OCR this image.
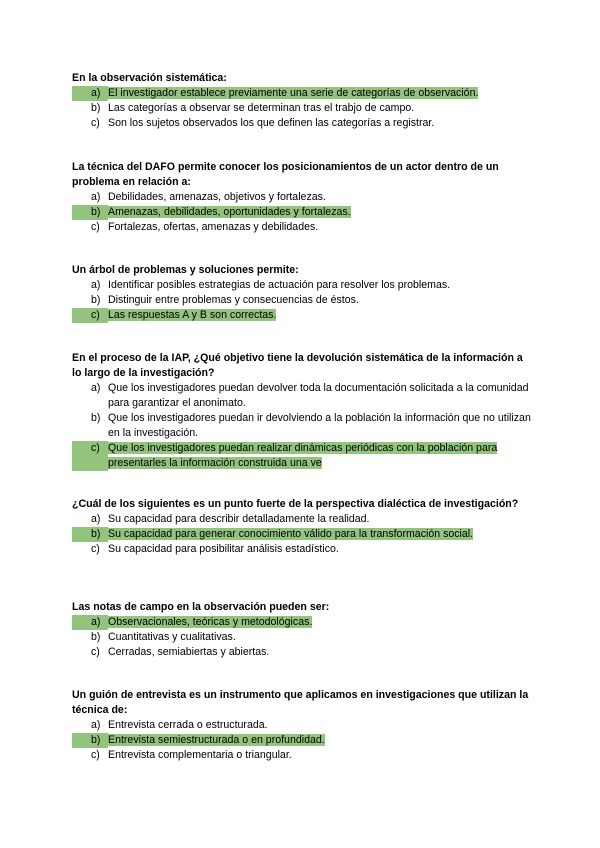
En la observación sistemática:

a) El investigador establece previamente una serie de categorías de observación.
b) Las categorías a observar se determinan tras el trabjo de campo.
c) Son los sujetos observados los que definen las categorías a registrar.

La técnica del DAFO permite conocer los posicionamientos de un actor dentro de un problema en relación a:

a) Debilidades, amenazas, objetivos y fortalezas.
b) Amenazas, debilidades, oportunidades y fortalezas.
c) Fortalezas, ofertas, amenazas y debilidades.

Un árbol de problemas y soluciones permite:

a) Identificar posibles estrategias de actuación para resolver los problemas.
b) Distinguir entre problemas y consecuencias de éstos.
c) Las respuestas A y B son correctas.

En el proceso de la IAP, ¿Qué objetivo tiene la devolución sistemática de la información a lo largo de la investigación?

a) Que los investigadores puedan devolver toda la documentación solicitada a la comunidad para garantizar el anonimato.
b) Que los investigadores puedan ir devolviendo a la población la información que no utilizan en la investigación.
c) Que los investigadores puedan realizar dinámicas periódicas con la población para presentarles la información construida una ve

¿Cuál de los siguientes es un punto fuerte de la perspectiva dialéctica de investigación?

a) Su capacidad para describir detalladamente la realidad.
b) Su capacidad para generar conocimiento válido para la transformación social.
c) Su capacidad para posibilitar análisis estadístico.

Las notas de campo en la observación pueden ser:

a) Observacionales, teóricas y metodológicas.
b) Cuantitativas y cualitativas.
c) Cerradas, semiabiertas y abiertas.

Un guión de entrevista es un instrumento que aplicamos en investigaciones que utilizan la técnica de:

a) Entrevista cerrada o estructurada.
b) Entrevista semiestructurada o en profundidad.
c) Entrevista complementaria o triangular.
